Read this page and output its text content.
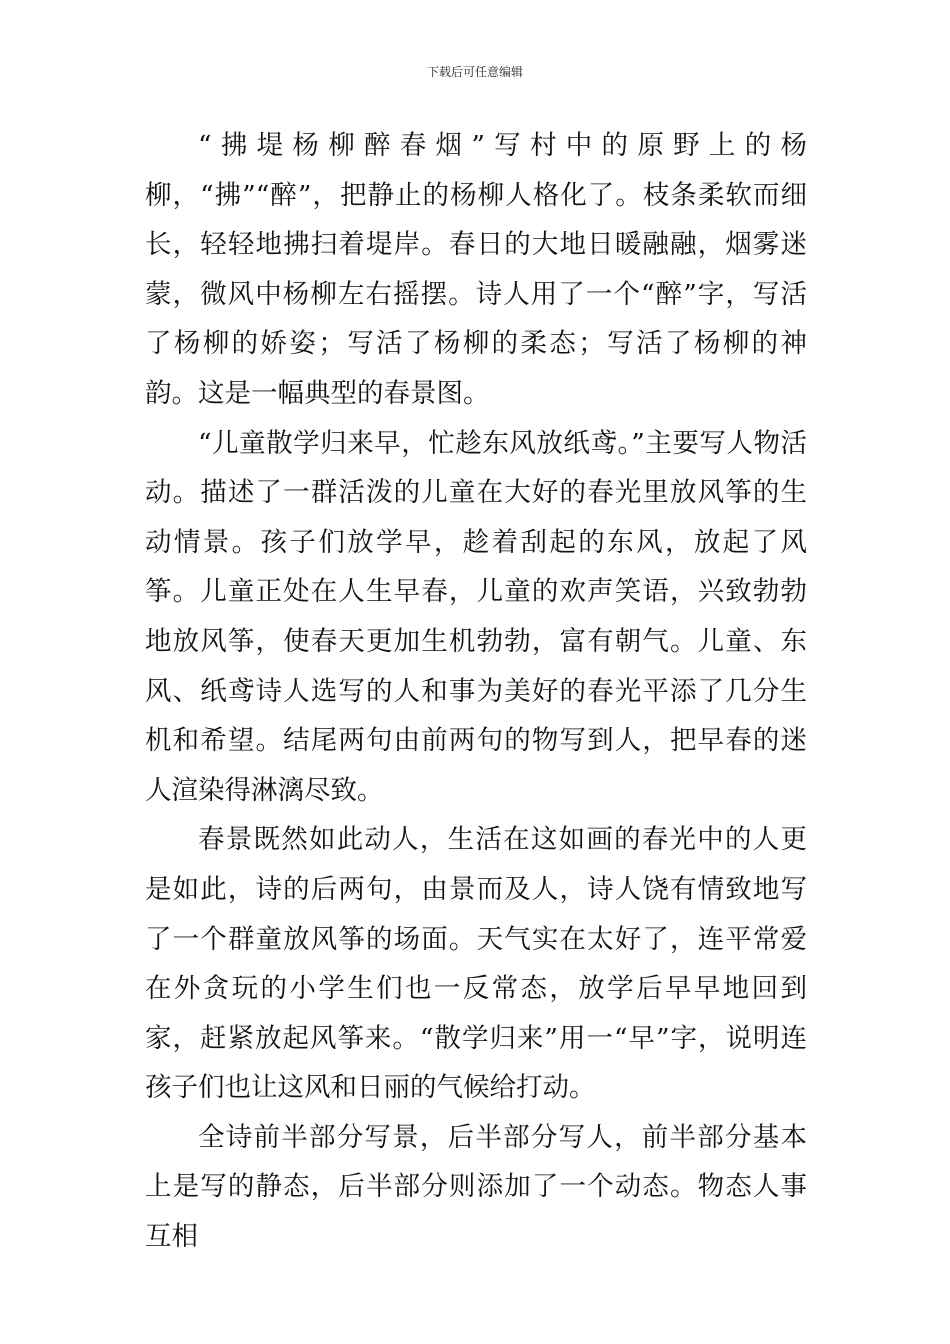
下载后可任意编辑

“拂堤杨柳醉春烟”写村中的原野上的杨柳，“拂”“醉”，把静止的杨柳人格化了。枝条柔软而细长，轻轻地拂扫着堤岸。春日的大地日暖融融，烟雾迷蒙，微风中杨柳左右摇摆。诗人用了一个“醉”字，写活了杨柳的娇姿；写活了杨柳的柔态；写活了杨柳的神韵。这是一幅典型的春景图。

“儿童散学归来早，忙趁东风放纸鸢。”主要写人物活动。描述了一群活泼的儿童在大好的春光里放风筝的生动情景。孩子们放学早，趁着刮起的东风，放起了风筝。儿童正处在人生早春，儿童的欢声笑语，兴致勃勃地放风筝，使春天更加生机勃勃，富有朝气。儿童、东风、纸鸢诗人选写的人和事为美好的春光平添了几分生机和希望。结尾两句由前两句的物写到人，把早春的迷人渲染得淋漓尽致。

春景既然如此动人，生活在这如画的春光中的人更是如此，诗的后两句，由景而及人，诗人饶有情致地写了一个群童放风筝的场面。天气实在太好了，连平常爱在外贪玩的小学生们也一反常态，放学后早早地回到家，赶紧放起风筝来。“散学归来”用一“早”字，说明连孩子们也让这风和日丽的气候给打动。

全诗前半部分写景，后半部分写人，前半部分基本上是写的静态，后半部分则添加了一个动态。物态人事互相
